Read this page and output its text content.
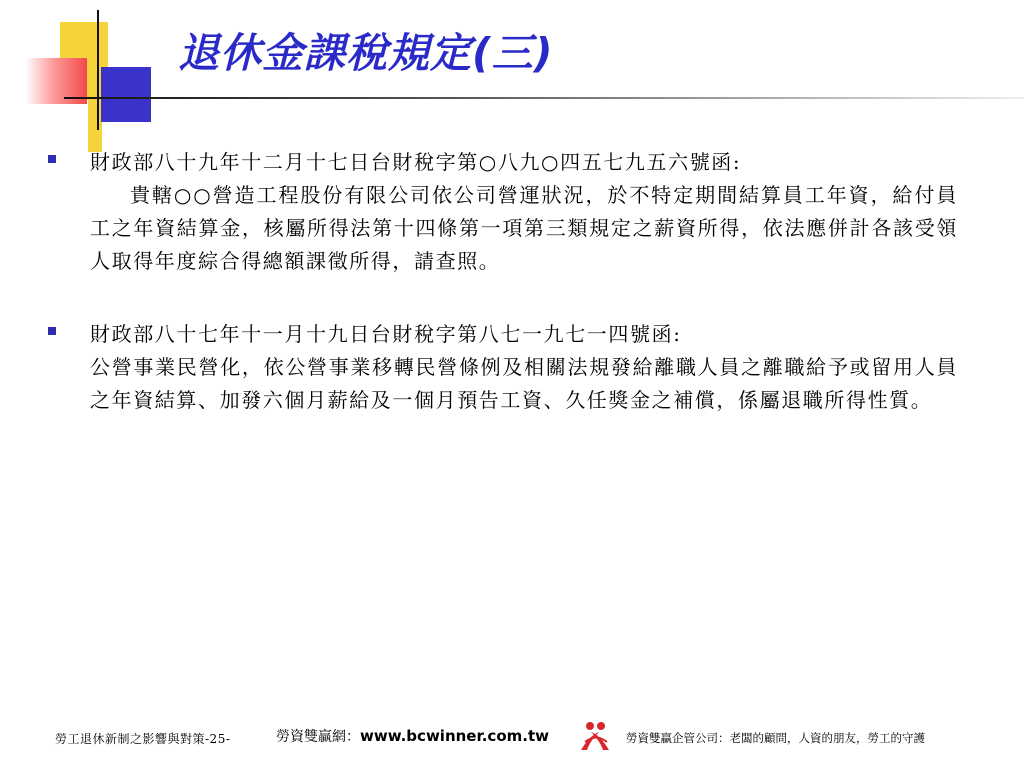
退休金課稅規定(三)
財政部八十九年十二月十七日台財稅字第○八九○四五七九五六號函:
貴轄○○營造工程股份有限公司依公司營運狀況，於不特定期間結算員工年資，給付員工之年資結算金，核屬所得法第十四條第一項第三類規定之薪資所得，依法應併計各該受領人取得年度綜合得總額課徵所得，請查照。
財政部八十七年十一月十九日台財稅字第八七一九七一四號函:
公營事業民營化，依公營事業移轉民營條例及相關法規發給離職人員之離職給予或留用人員之年資結算、加發六個月薪給及一個月預告工資、久任獎金之補償，係屬退職所得性質。
勞工退休新制之影響與對策-25-	勞資雙贏網：www.bcwinner.com.tw	勞資雙贏企管公司：老闆的顧問，人資的朋友，勞工的守護
